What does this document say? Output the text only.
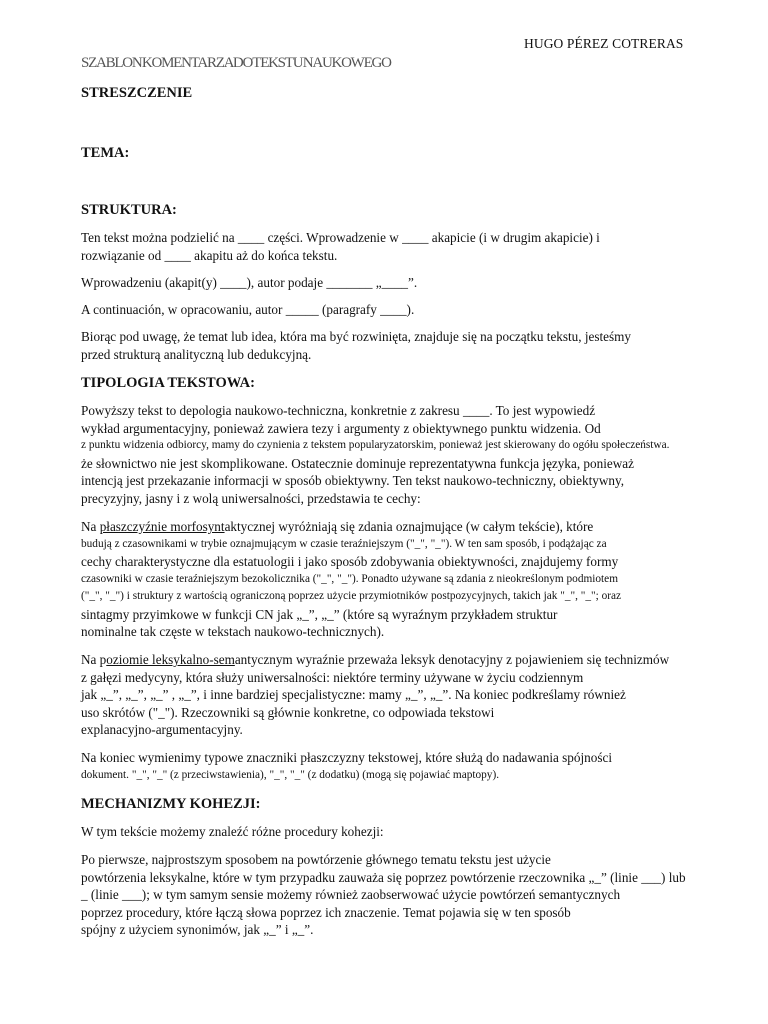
HUGO PÉREZ COTRERAS
SZABLON KOMENTARZA DO TEKSTU NAUKOWEGO
STRESZCZENIE
TEMA:
STRUKTURA:
Ten tekst można podzielić na ____ części. Wprowadzenie w ____ akapicie (i w drugim akapicie) i
rozwiązanie od ____ akapitu aż do końca tekstu.
Wprowadzeniu (akapit(y) ____), autor podaje _______ „____”.
A continuación, w opracowaniu, autor _____ (paragrafy ____).
Biorąc pod uwagę, że temat lub idea, która ma być rozwinięta, znajduje się na początku tekstu, jesteśmy
przed strukturą analityczną lub dedukcyjną.
TIPOLOGIA TEKSTOWA:
Powyższy tekst to depologia naukowo-techniczna, konkretnie z zakresu ____. To jest wypowiedź
wykład argumentacyjny, ponieważ zawiera tezy i argumenty z obiektywnego punktu widzenia. Od
z punktu widzenia odbiorcy, mamy do czynienia z tekstem popularyzatorskim, ponieważ jest skierowany do ogółu społeczeństwa.
że słownictwo nie jest skomplikowane. Ostatecznie dominuje reprezentatywna funkcja języka, ponieważ
intencją jest przekazanie informacji w sposób obiektywny. Ten tekst naukowo-techniczny, obiektywny,
precyzyjny, jasny i z wolą uniwersalności, przedstawia te cechy:
Na płaszczyźnie morfosyntaktycznej wyróżniają się zdania oznajmujące (w całym tekście), które
budują z czasownikami w trybie oznajmującym w czasie teraźniejszym ("_", "_"). W ten sam sposób, i podążając za
cechy charakterystyczne dla estatuologii i jako sposób zdobywania obiektywności, znajdujemy formy
czasowniki w czasie teraźniejszym bezokolicznika ("_", "_"). Ponadto używane są zdania z nieokreślonym podmiotem
("_", "_") i struktury z wartością ograniczoną poprzez użycie przymiotników postpozycyjnych, takich jak "_", "_"; oraz
sintagmy przyimkowe w funkcji CN jak „_”, „_” (które są wyraźnym przykładem struktur
nominalne tak częste w tekstach naukowo-technicznych).
Na poziomie leksykalno-semantycznym wyraźnie przeważa leksyk denotacyjny z pojawieniem się technizmów
z gałęzi medycyny, która służy uniwersalności: niektóre terminy używane w życiu codziennym
jak „_”, „_”, „_” , „_”, i inne bardziej specjalistyczne: mamy „_”, „_”. Na koniec podkreślamy również
uso skrótów ("_"). Rzeczowniki są głównie konkretne, co odpowiada tekstowi
explanacyjno-argumentacyjny.
Na koniec wymienimy typowe znaczniki płaszczyzny tekstowej, które służą do nadawania spójności
dokument. "_", "_" (z przeciwstawienia), "_", "_" (z dodatku) (mogą się pojawiać maptopy).
MECHANIZMY KOHEZJI:
W tym tekście możemy znaleźć różne procedury kohezji:
Po pierwsze, najprostszym sposobem na powtórzenie głównego tematu tekstu jest użycie
powtórzenia leksykalne, które w tym przypadku zauważa się poprzez powtórzenie rzeczownika „_” (linie ___) lub
_ (linie ___); w tym samym sensie możemy również zaobserwować użycie powtórzeń semantycznych
poprzez procedury, które łączą słowa poprzez ich znaczenie. Temat pojawia się w ten sposób
spójny z użyciem synonimów, jak „_” i „_”.
